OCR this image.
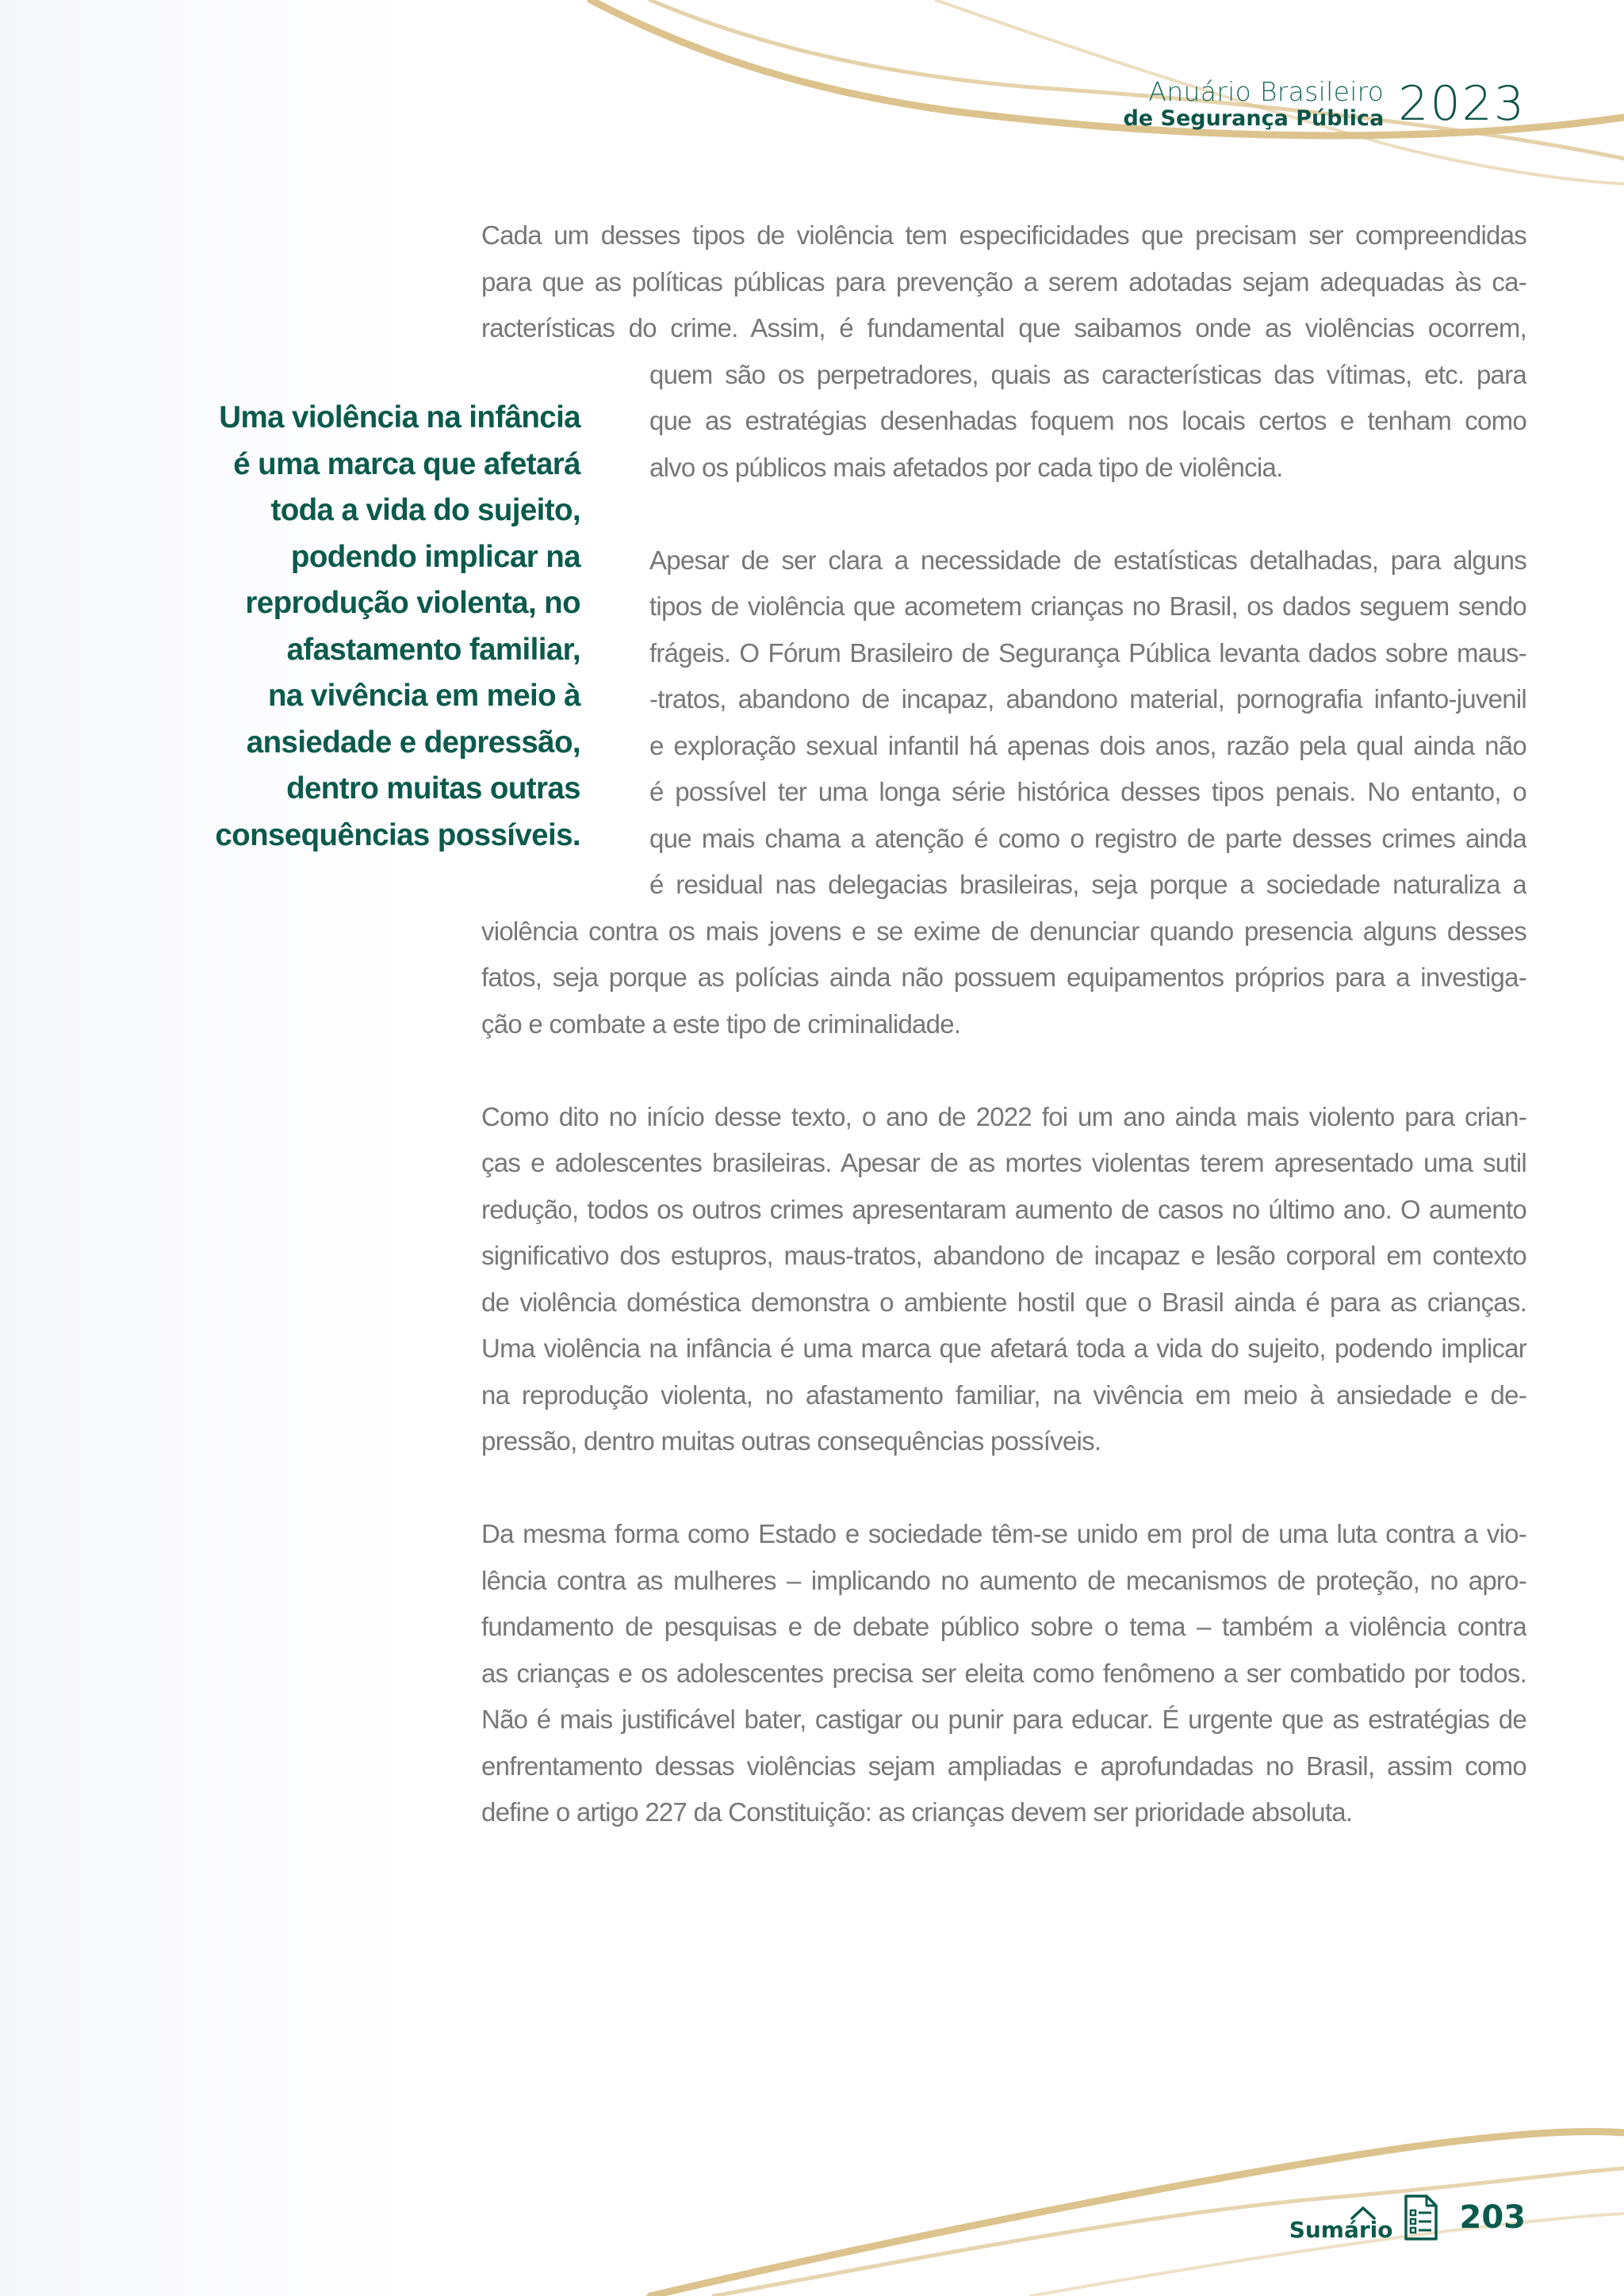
Anuário Brasileiro
de Segurança Pública 2023
Uma violência na infância
é uma marca que afetará
toda a vida do sujeito,
podendo implicar na
reprodução violenta, no
afastamento familiar,
na vivência em meio à
ansiedade e depressão,
dentro muitas outras
consequências possíveis.
Cada um desses tipos de violência tem especificidades que precisam ser compreendidas
para que as políticas públicas para prevenção a serem adotadas sejam adequadas às ca-
racterísticas do crime. Assim, é fundamental que saibamos onde as violências ocorrem,
quem são os perpetradores, quais as características das vítimas, etc. para
que as estratégias desenhadas foquem nos locais certos e tenham como
alvo os públicos mais afetados por cada tipo de violência.
Apesar de ser clara a necessidade de estatísticas detalhadas, para alguns
tipos de violência que acometem crianças no Brasil, os dados seguem sendo
frágeis. O Fórum Brasileiro de Segurança Pública levanta dados sobre maus-
-tratos, abandono de incapaz, abandono material, pornografia infanto-juvenil
e exploração sexual infantil há apenas dois anos, razão pela qual ainda não
é possível ter uma longa série histórica desses tipos penais. No entanto, o
que mais chama a atenção é como o registro de parte desses crimes ainda
é residual nas delegacias brasileiras, seja porque a sociedade naturaliza a
violência contra os mais jovens e se exime de denunciar quando presencia alguns desses
fatos, seja porque as polícias ainda não possuem equipamentos próprios para a investiga-
ção e combate a este tipo de criminalidade.
Como dito no início desse texto, o ano de 2022 foi um ano ainda mais violento para crian-
ças e adolescentes brasileiras. Apesar de as mortes violentas terem apresentado uma sutil
redução, todos os outros crimes apresentaram aumento de casos no último ano. O aumento
significativo dos estupros, maus-tratos, abandono de incapaz e lesão corporal em contexto
de violência doméstica demonstra o ambiente hostil que o Brasil ainda é para as crianças.
Uma violência na infância é uma marca que afetará toda a vida do sujeito, podendo implicar
na reprodução violenta, no afastamento familiar, na vivência em meio à ansiedade e de-
pressão, dentro muitas outras consequências possíveis.
Da mesma forma como Estado e sociedade têm-se unido em prol de uma luta contra a vio-
lência contra as mulheres – implicando no aumento de mecanismos de proteção, no apro-
fundamento de pesquisas e de debate público sobre o tema – também a violência contra
as crianças e os adolescentes precisa ser eleita como fenômeno a ser combatido por todos.
Não é mais justificável bater, castigar ou punir para educar. É urgente que as estratégias de
enfrentamento dessas violências sejam ampliadas e aprofundadas no Brasil, assim como
define o artigo 227 da Constituição: as crianças devem ser prioridade absoluta.
Sumário 203
